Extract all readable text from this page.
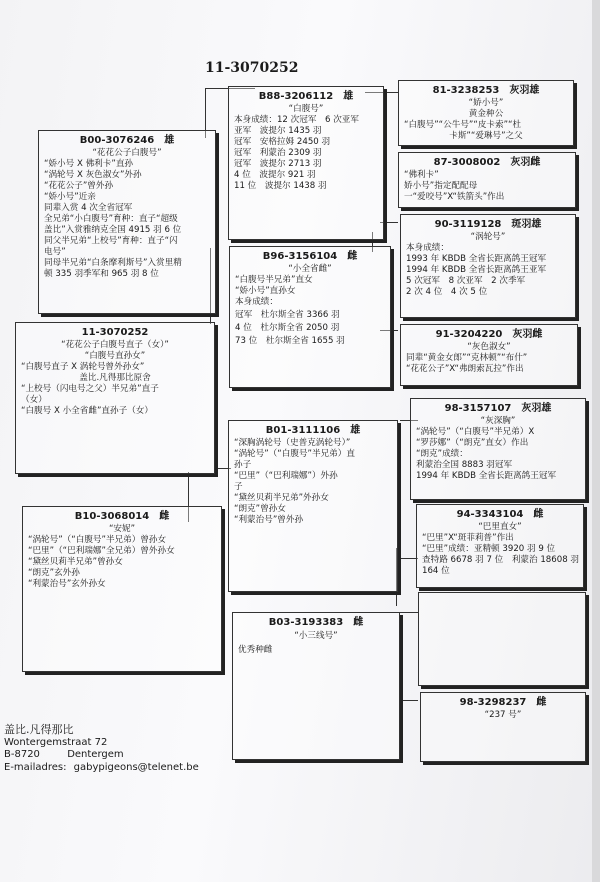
11-3070252
B00-3076246　雄
“花花公子白腹号”
“娇小号 X 佛利卡”直孙
“涡轮号 X 灰色淑女”外孙
“花花公子”曾外孙
“娇小号”近亲
同辈入赏 4 次全省冠军
全兄弟“小白腹号”育种：直子“超级
盖比”入赏雅纳克全国 4915 羽 6 位
同父半兄弟“上校号”育种：直子“闪
电号”
同母半兄弟“白条摩利斯号”入赏里精
顿 335 羽季军和 965 羽 8 位
11-3070252
“花花公子白腹号直子（女）”
“白腹号直孙女”
“白腹号直子 X 涡轮号曾外孙女”
盖比.凡得那比原舍
“上校号（闪电号之父）半兄弟”直子
（女）
“白腹号 X 小全省雌”直孙子（女）
B10-3068014　雌
“安妮”
“涡轮号”（“白腹号”半兄弟）曾孙女
“巴里”（“巴利瑞娜”全兄弟）曾外孙女
“黛丝贝莉半兄弟”曾孙女
“朗克”玄外孙
“利蒙治号”玄外孙女
B88-3206112　雄
“白腹号”
本身成绩：12 次冠军　6 次亚军
亚军　波提尔 1435 羽
冠军　安格拉姆 2450 羽
冠军　利蒙治 2309 羽
冠军　波提尔 2713 羽
4 位　波提尔 921 羽
11 位　波提尔 1438 羽
B96-3156104　雌
“小全省雌”
“白腹号半兄弟”直女
“娇小号”直孙女
本身成绩：
冠军　杜尔斯全省 3366 羽
4 位　杜尔斯全省 2050 羽
73 位　杜尔斯全省 1655 羽
B01-3111106　雄
“深胸涡轮号（史普克涡轮号）”
“涡轮号”（“白腹号”半兄弟）直
孙子
“巴里”（“巴利瑞娜”）外孙
子
“黛丝贝莉半兄弟”外孙女
“朗克”曾孙女
“利蒙治号”曾外孙
B03-3193383　雌
“小三线号”
优秀种雌
81-3238253　灰羽雄
“娇小号”
黄金种公
“白腹号”“公牛号”“皮卡索”“杜
卡斯”“爱琳号”之父
87-3008002　灰羽雌
“佛利卡”
娇小号”指定配配母
一“爱咬号”X“铁箭头”作出
90-3119128　斑羽雄
“涡轮号”
本身成绩：
1993 年 KBDB 全省长距离鸽王冠军
1994 年 KBDB 全省长距离鸽王亚军
5 次冠军　8 次亚军　2 次季军
2 次 4 位　4 次 5 位
91-3204220　灰羽雌
“灰色淑女”
同辈“黄金女郎”“克林顿”“布什”
“花花公子”X“弗朗索瓦拉”作出
98-3157107　灰羽雄
“灰深胸”
“涡轮号”（“白腹号”半兄弟）X
“罗莎娜”（“朗克”直女）作出
“朗克”成绩：
利蒙治全国 8883 羽冠军
1994 年 KBDB 全省长距离鸽王冠军
94-3343104　雌
“巴里直女”
“巴里”X“斑菲莉普”作出
“巴里”成绩：亚精顿 3920 羽 9 位
查特路 6678 羽 7 位　利蒙治 18608 羽
164 位
98-3298237　雌
“237 号”
盖比.凡得那比
Wontergemstraat 72
B-8720	Dentergem
E-mailadres: gabypigeons@telenet.be
